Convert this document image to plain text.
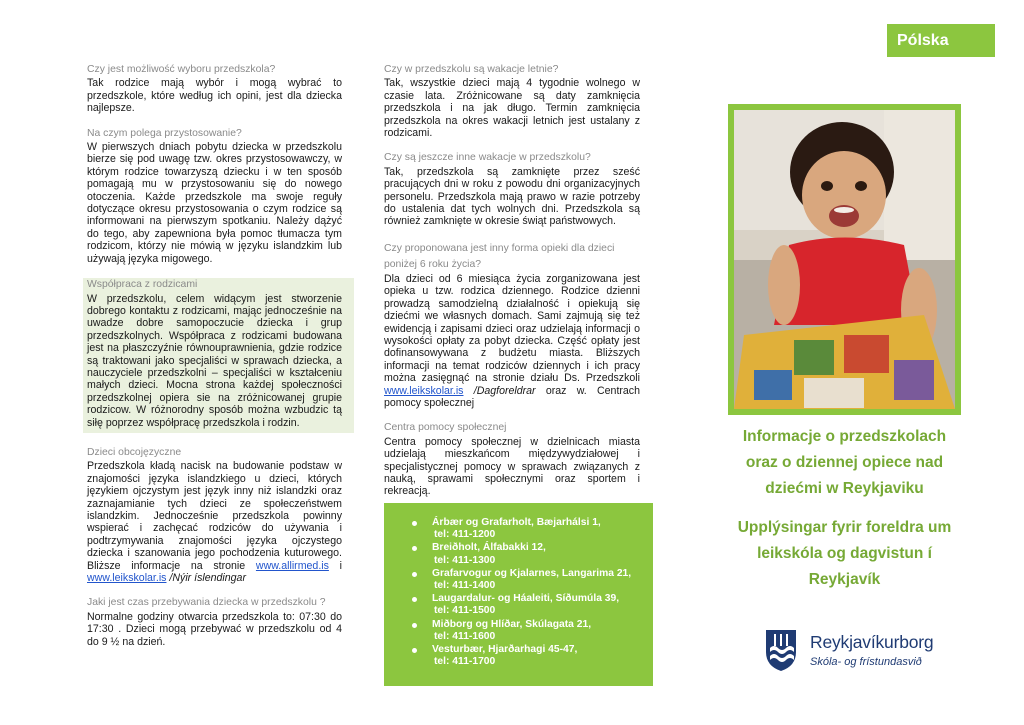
Czy jest możliwość wyboru przedszkola?

Tak rodzice mają wybór i mogą wybrać to przedszkole, które według ich opini, jest dla dziecka najlepsze.

Na czym polega przystosowanie?

W pierwszych dniach pobytu dziecka w przedszkolu bierze się pod uwagę tzw. okres przystosowawczy, w którym rodzice towarzyszą dziecku i w ten sposób pomagają mu w przystosowaniu się do nowego otoczenia. Każde przedszkole ma swoje reguły dotyczące okresu przystosowania o czym rodzice są informowani na pierwszym spotkaniu. Należy dążyć do tego, aby zapewniona była pomoc tłumacza tym rodzicom, którzy nie mówią w języku islandzkim lub używają języka migowego.

Współpraca z rodzicami

W przedszkolu, celem widącym jest stworzenie dobrego kontaktu z rodzicami, mając jednocześnie na uwadze dobre samopoczucie dziecka i grup przedszkolnych. Współpraca z rodzicami budowana jest na płaszczyźnie równouprawnienia, gdzie rodzice są traktowani jako specjaliści w sprawach dziecka, a nauczyciele przedszkolni – specjaliści w kształceniu małych dzieci. Mocna strona każdej społeczności przedszkolnej opiera sie na zróżnicowanej grupie rodzicow. W różnorodny sposób można wzbudzic tą siłę poprzez współpracę przedszkola i rodzin.

Dzieci obcojęzyczne

Przedszkola kładą nacisk na budowanie podstaw w znajomości języka islandzkiego u dzieci, których językiem ojczystym jest język inny niż islandzki oraz zaznajamianie tych dzieci ze społeczeństwem islandzkim. Jednocześnie przedszkola powinny wspierać i zachęcać rodziców do używania i podtrzymywania znajomości języka ojczystego dziecka i szanowania jego pochodzenia kuturowego. Bliższe informacje na stronie www.allirmed.is i www.leikskolar.is /Nýir íslendingar

Jaki jest czas przebywania dziecka w przedszkolu ?

Normalne godziny otwarcia przedszkola to: 07:30 do 17:30 . Dzieci mogą przebywać w przedszkolu od 4 do 9 ½ na dzień.

Czy w przedszkolu są wakacje letnie?

Tak, wszystkie dzieci mają 4 tygodnie wolnego w czasie lata. Zróżnicowane są daty zamknięcia przedszkola i na jak długo. Termin zamknięcia przedszkola na okres wakacji letnich jest ustalany z rodzicami.

Czy są jeszcze inne wakacje w przedszkolu?

Tak, przedszkola są zamknięte przez sześć pracujących dni w roku z powodu dni organizacyjnych personelu. Przedszkola mają prawo w razie potrzeby do ustalenia dat tych wolnych dni. Przedszkola są również zamknięte w okresie świąt państwowych.

Czy proponowana jest inny forma opieki dla dzieci poniżej 6 roku życia?

Dla dzieci od 6 miesiąca życia zorganizowana jest opieka u tzw. rodzica dziennego. Rodzice dzienni prowadzą samodzielną działalność i opiekują się dziećmi we własnych domach. Sami zajmują się też ewidencją i zapisami dzieci oraz udzielają informacji o wysokości opłaty za pobyt dziecka. Część opłaty jest dofinansowywana z budżetu miasta. Bliższych informacji na temat rodziców dziennych i ich pracy można zasięgnąć na stronie działu Ds. Przedszkoli www.leikskolar.is /Dagforeldrar oraz w. Centrach pomocy społecznej

Centra pomocy społecznej

Centra pomocy społecznej w dzielnicach miasta udzielają mieszkańcom międzywydziałowej i specjalistycznej pomocy w sprawach związanych z nauką, sprawami społecznymi oraz sportem i rekreacją.

Árbær og Grafarholt, Bæjarhálsi 1,
tel: 411-1200
Breiðholt, Álfabakki 12,
tel: 411-1300
Grafarvogur og Kjalarnes, Langarima 21,
tel: 411-1400
Laugardalur- og Háaleiti, Síðumúla 39,
tel: 411-1500
Miðborg og Hlíðar, Skúlagata 21,
tel: 411-1600
Vesturbær, Hjarðarhagi 45-47,
tel: 411-1700
Pólska
Informacje o przedszkolach oraz o dziennej opiece nad dziećmi w Reykjaviku
Upplýsingar fyrir foreldra um leikskóla og dagvistun í Reykjavík
Reykjavíkurborg
Skóla- og frístundasvið
